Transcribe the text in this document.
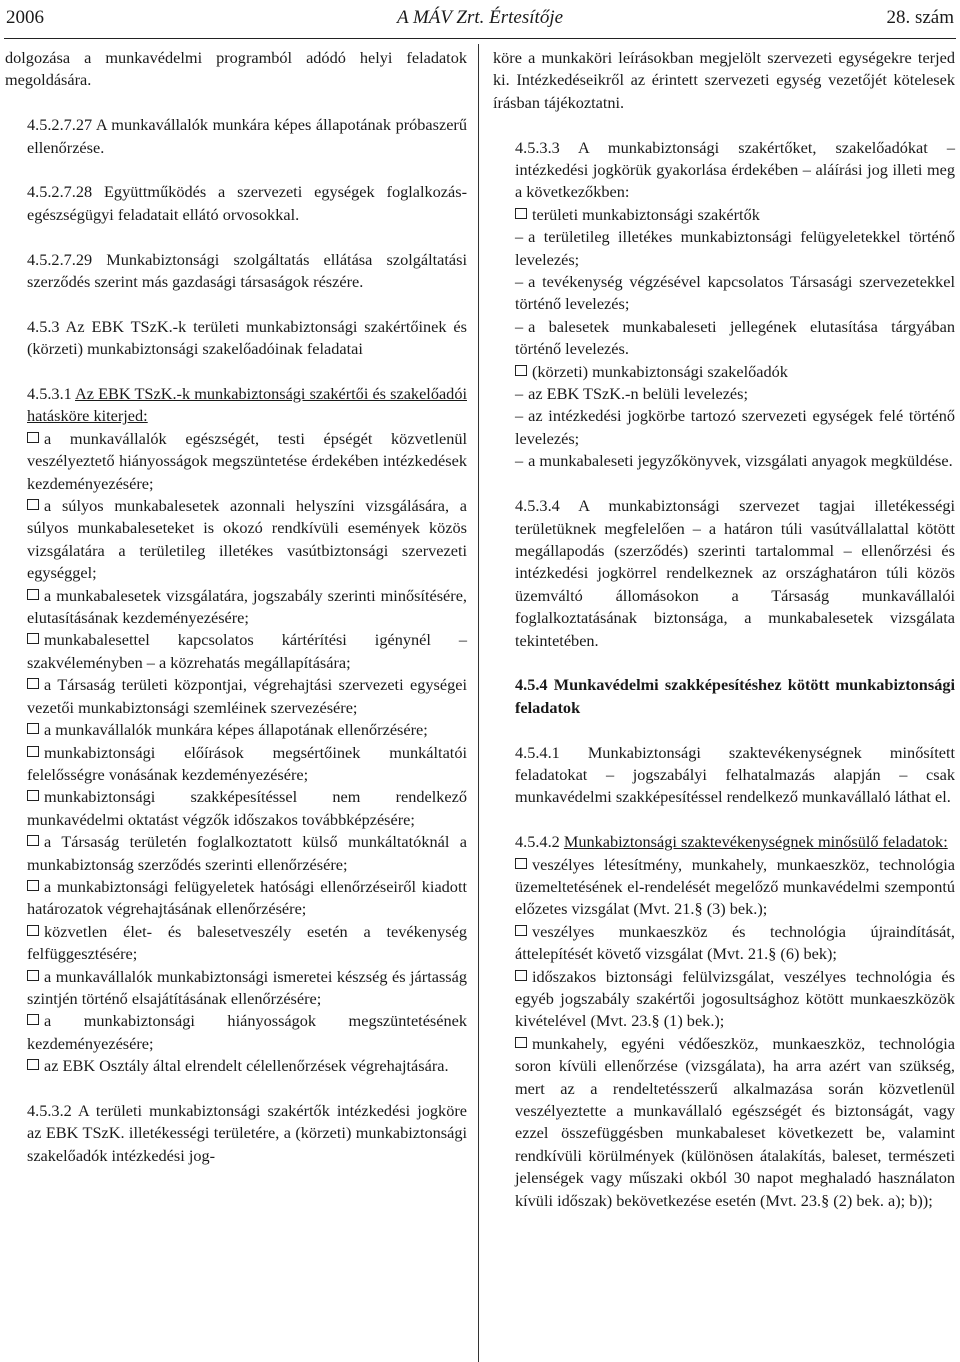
2006	A MÁV Zrt. Értesítője	28. szám

dolgozása a munkavédelmi programból adódó helyi feladatok megoldására.

4.5.2.7.27 A munkavállalók munkára képes állapotának próbaszerű ellenőrzése.

4.5.2.7.28 Együttműködés a szervezeti egységek foglalkozás-egészségügyi feladatait ellátó orvosokkal.

4.5.2.7.29 Munkabiztonsági szolgáltatás ellátása szolgáltatási szerződés szerint más gazdasági társaságok részére.

4.5.3 Az EBK TSzK.-k területi munkabiztonsági szakértőinek és (körzeti) munkabiztonsági szakelőadóinak feladatai

4.5.3.1 Az EBK TSzK.-k munkabiztonsági szakértői és szakelőadói hatásköre kiterjed:

a munkavállalók egészségét, testi épségét közvetlenül veszélyeztető hiányosságok megszüntetése érdekében intézkedések kezdeményezésére;

a súlyos munkabalesetek azonnali helyszíni vizsgálására, a súlyos munkabaleseteket is okozó rendkívüli események közös vizsgálatára a területileg illetékes vasútbiztonsági szervezeti egységgel;

a munkabalesetek vizsgálatára, jogszabály szerinti minősítésére, elutasításának kezdeményezésére;

munkabalesettel kapcsolatos kártérítési igénynél – szakvéleményben – a közrehatás megállapítására;

a Társaság területi központjai, végrehajtási szervezeti egységei vezetői munkabiztonsági szemléinek szervezésére;

a munkavállalók munkára képes állapotának ellenőrzésére;

munkabiztonsági előírások megsértőinek munkáltatói felelősségre vonásának kezdeményezésére;

munkabiztonsági szakképesítéssel nem rendelkező munkavédelmi oktatást végzők időszakos továbbképzésére;

a Társaság területén foglalkoztatott külső munkáltatóknál a munkabiztonság szerződés szerinti ellenőrzésére;

a munkabiztonsági felügyeletek hatósági ellenőrzéseiről kiadott határozatok végrehajtásának ellenőrzésére;

közvetlen élet- és balesetveszély esetén a tevékenység felfüggesztésére;

a munkavállalók munkabiztonsági ismeretei készség és jártasság szintjén történő elsajátításának ellenőrzésére;

a munkabiztonsági hiányosságok megszüntetésének kezdeményezésére;

az EBK Osztály által elrendelt célellenőrzések végrehajtására.

4.5.3.2 A területi munkabiztonsági szakértők intézkedési jogköre az EBK TSzK. illetékességi területére, a (körzeti) munkabiztonsági szakelőadók intézkedési jog-

köre a munkaköri leírásokban megjelölt szervezeti egységekre terjed ki. Intézkedéseikről az érintett szervezeti egység vezetőjét kötelesek írásban tájékoztatni.

4.5.3.3 A munkabiztonsági szakértőket, szakelőadókat – intézkedési jogkörük gyakorlása érdekében – aláírási jog illeti meg a következőkben:

területi munkabiztonsági szakértők

– a területileg illetékes munkabiztonsági felügyeletekkel történő levelezés;

– a tevékenység végzésével kapcsolatos Társasági szervezetekkel történő levelezés;

– a balesetek munkabaleseti jellegének elutasítása tárgyában történő levelezés.

(körzeti) munkabiztonsági szakelőadók

– az EBK TSzK.-n belüli levelezés;

– az intézkedési jogkörbe tartozó szervezeti egységek felé történő levelezés;

– a munkabaleseti jegyzőkönyvek, vizsgálati anyagok megküldése.

4.5.3.4 A munkabiztonsági szervezet tagjai illetékességi területüknek megfelelően – a határon túli vasútvállalattal kötött megállapodás (szerződés) szerinti tartalommal – ellenőrzési és intézkedési jogkörrel rendelkeznek az országhatáron túli közös üzemváltó állomásokon a Társaság munkavállalói foglalkoztatásának biztonsága, a munkabalesetek vizsgálata tekintetében.

4.5.4 Munkavédelmi szakképesítéshez kötött munkabiztonsági feladatok

4.5.4.1 Munkabiztonsági szaktevékenységnek minősített feladatokat – jogszabályi felhatalmazás alapján – csak munkavédelmi szakképesítéssel rendelkező munkavállaló láthat el.

4.5.4.2 Munkabiztonsági szaktevékenységnek minősülő feladatok:

veszélyes létesítmény, munkahely, munkaeszköz, technológia üzemeltetésének el-rendelését megelőző munkavédelmi szempontú előzetes vizsgálat (Mvt. 21.§ (3) bek.);

veszélyes munkaeszköz és technológia újraindítását, áttelepítését követő vizsgálat (Mvt. 21.§ (6) bek);

időszakos biztonsági felülvizsgálat, veszélyes technológia és egyéb jogszabály szakértői jogosultsághoz kötött munkaeszközök kivételével (Mvt. 23.§ (1) bek.);

munkahely, egyéni védőeszköz, munkaeszköz, technológia soron kívüli ellenőrzése (vizsgálata), ha arra azért van szükség, mert az a rendeltetésszerű alkalmazása során közvetlenül veszélyeztette a munkavállaló egészségét és biztonságát, vagy ezzel összefüggésben munkabaleset következett be, valamint rendkívüli körülmények (különösen átalakítás, baleset, természeti jelenségek vagy műszaki okból 30 napot meghaladó használaton kívüli időszak) bekövetkezése esetén (Mvt. 23.§ (2) bek. a); b));
